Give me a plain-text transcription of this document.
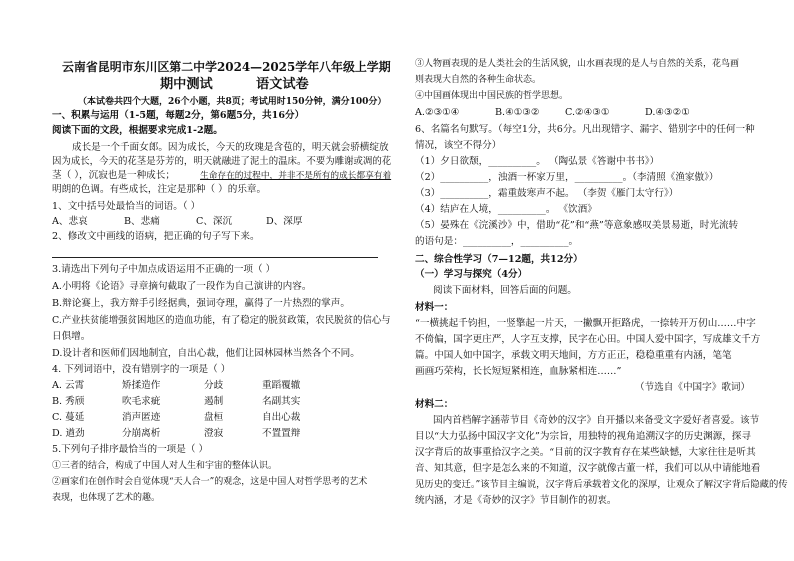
云南省昆明市东川区第二中学2024—2025学年八年级上学期
期中测试	语文试卷
（本试卷共四个大题，26个小题，共8页；考试用时150分钟，满分100分）
一、积累与运用（1-5题，每题2分，第6题5分，共16分）
阅读下面的文段，根据要求完成1-2题。
成长是一个千面女郎。因为成长，今天的玫瑰是含苞的，明天就会骄横绽放
因为成长，今天的花茎是芬芳的，明天就融进了泥土的温床。不要为雕谢或凋的花
茎（ ），沉寂也是一种成长；	生命存在的过程中，并非不是所有的成长都享有着
明朗的色调。有些成长，注定是那种（ ）的乐章。
1、文中括号处最恰当的词语。（ ）
A、悲哀	B、悲痛	C、深沉	D、深厚
2、修改文中画线的语病，把正确的句子写下来。
3.请选出下列句子中加点成语运用不正确的一项（ ）
A.小明将《论语》寻章摘句截取了一段作为自己演讲的内容。
B.辩论赛上，我方辩手引经据典，强词夺理，赢得了一片热烈的掌声。
C.产业扶贫能增强贫困地区的造血功能，有了稳定的脱贫政策，农民脱贫的信心与
日俱增。
D.设计者和医师们因地制宜，自出心裁，他们让园林园林当然各个不同。
4. 下列词语中，没有错别字的一项是（ ）
A. 云霄	矫揉造作	分歧	重蹈覆辙
B. 秀颀	吹毛求疵	遏制	名副其实
C. 蔓延	消声匿迹	盘桓	自出心裁
D. 遒劲	分崩离析	澄寂	不置置辩
5.下列句子排序最恰当的一项是（ ）
①三者的结合，构成了中国人对人生和宇宙的整体认识。
②画家们在创作时会自觉体现“天人合一”的观念，这是中国人对哲学思考的艺术
表现，也体现了艺术的趣。
③人物画表现的是人类社会的生活风貌，山水画表现的是人与自然的关系，花鸟画
则表现大自然的各种生命状态。
④中国画体现出中国民族的哲学思想。
A.②③①④	B.④①③②	C.②④③①	D.④③②①
6、名篇名句默写。（每空1分，共6分。凡出现错字、漏字、错别字中的任何一种
情况，该空不得分）
（1）夕日欲颓，__________。 （陶弘景《答谢中书书》）
（2）__________，浊酒一杯家万里，__________。（李清照《渔家傲》）
（3）__________，霜重鼓寒声不起。 （李贺《雁门太守行》）
（4）结庐在人境，__________。 《饮酒》
（5）晏殊在《浣溪沙》中，借助“花”和“燕”等意象感叹美景易逝，时光流转
的语句是：__________，__________。
二、综合性学习（7—12题，共12分）
（一）学习与探究（4分）
阅读下面材料，回答后面的问题。
材料一：
“一横挑起千钧担，一竖擎起一片天，一撇飘开拒路虎，一捺转开万仞山……中字
不倚偏，国字更庄严，人字互支撑，民字在心田。中国人爱中国字，写成雄文千方
篇。中国人如中国字，承载文明天地间，方方正正，稳稳重重有内涵，笔笔
画画巧荣构，长长短短紧相连，血脉紧相连……”
（节选自《中国字》歌词）
材料二：
国内首档解字涵蒂节目《奇妙的汉字》自开播以来备受文字爱好者喜爱。该节
目以“大力弘扬中国汉字文化”为宗旨，用独特的视角追溯汉字的历史渊源，探寻
汉字背后的故事重拾汉字之美。“目前的汉字教育存在某些缺憾，大家往往是听其
音、知其意，但字是怎么来的不知道，汉字就像古董一样，我们可以从中请能地看
见历史的变迁。”该节目主编说，汉字背后承载着文化的深厚，让观众了解汉字背后隐藏的传
统内涵，才是《奇妙的汉字》节目制作的初衷。
